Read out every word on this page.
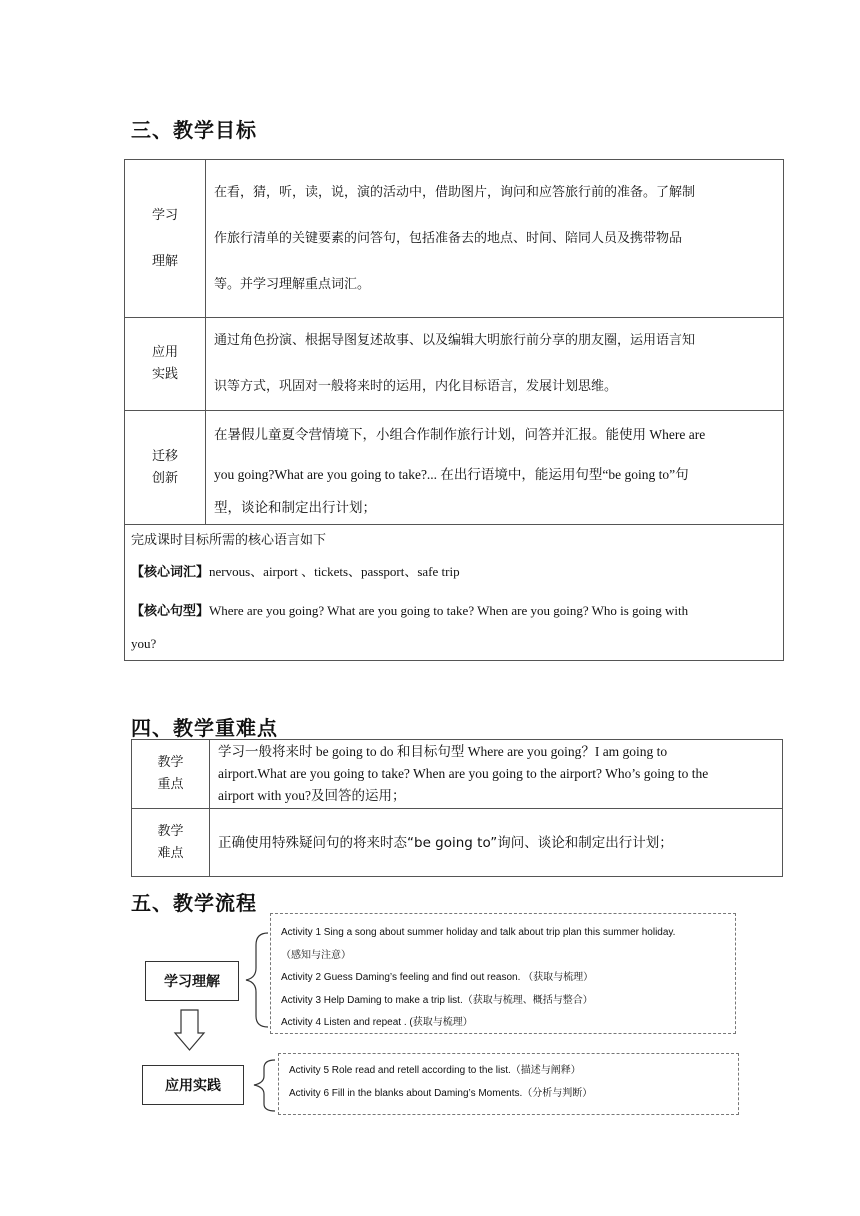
三、教学目标
学习
理解	在看，猜，听，读，说，演的活动中，借助图片，询问和应答旅行前的准备。了解制
作旅行清单的关键要素的问答句，包括准备去的地点、时间、陪同人员及携带物品
等。并学习理解重点词汇。

应用
实践	通过角色扮演、根据导图复述故事、以及编辑大明旅行前分享的朋友圈，运用语言知
识等方式，巩固对一般将来时的运用，内化目标语言，发展计划思维。

迁移
创新	在暑假儿童夏令营情境下，小组合作制作旅行计划，问答并汇报。能使用 Where are
you going?What are you going to take?... 在出行语境中，能运用句型“be going to”句
型，谈论和制定出行计划；

完成课时目标所需的核心语言如下
【核心词汇】nervous、airport 、tickets、passport、safe trip
【核心句型】Where are you going? What are you going to take? When are you going? Who is going with
you?	
四、教学重难点
教学
重点	学习一般将来时 be going to do 和目标句型 Where are you going？I am going to
airport.What are you going to take? When are you going to the airport? Who’s going to the
airport with you?及回答的运用；

教学
难点	正确使用特殊疑问句的将来时态“be going to”询问、谈论和制定出行计划；
五、教学流程
学习理解
Activity 1 Sing a song about summer holiday and talk about trip plan this summer holiday.
（感知与注意）
Activity 2 Guess Daming’s feeling and find out reason. （获取与梳理）
Activity 3 Help Daming to make a trip list.（获取与梳理、概括与整合）
Activity 4 Listen and repeat . (获取与梳理）
应用实践
Activity 5 Role read and retell according to the list.（描述与阐释）
Activity 6 Fill in the blanks about Daming’s Moments.（分析与判断）
